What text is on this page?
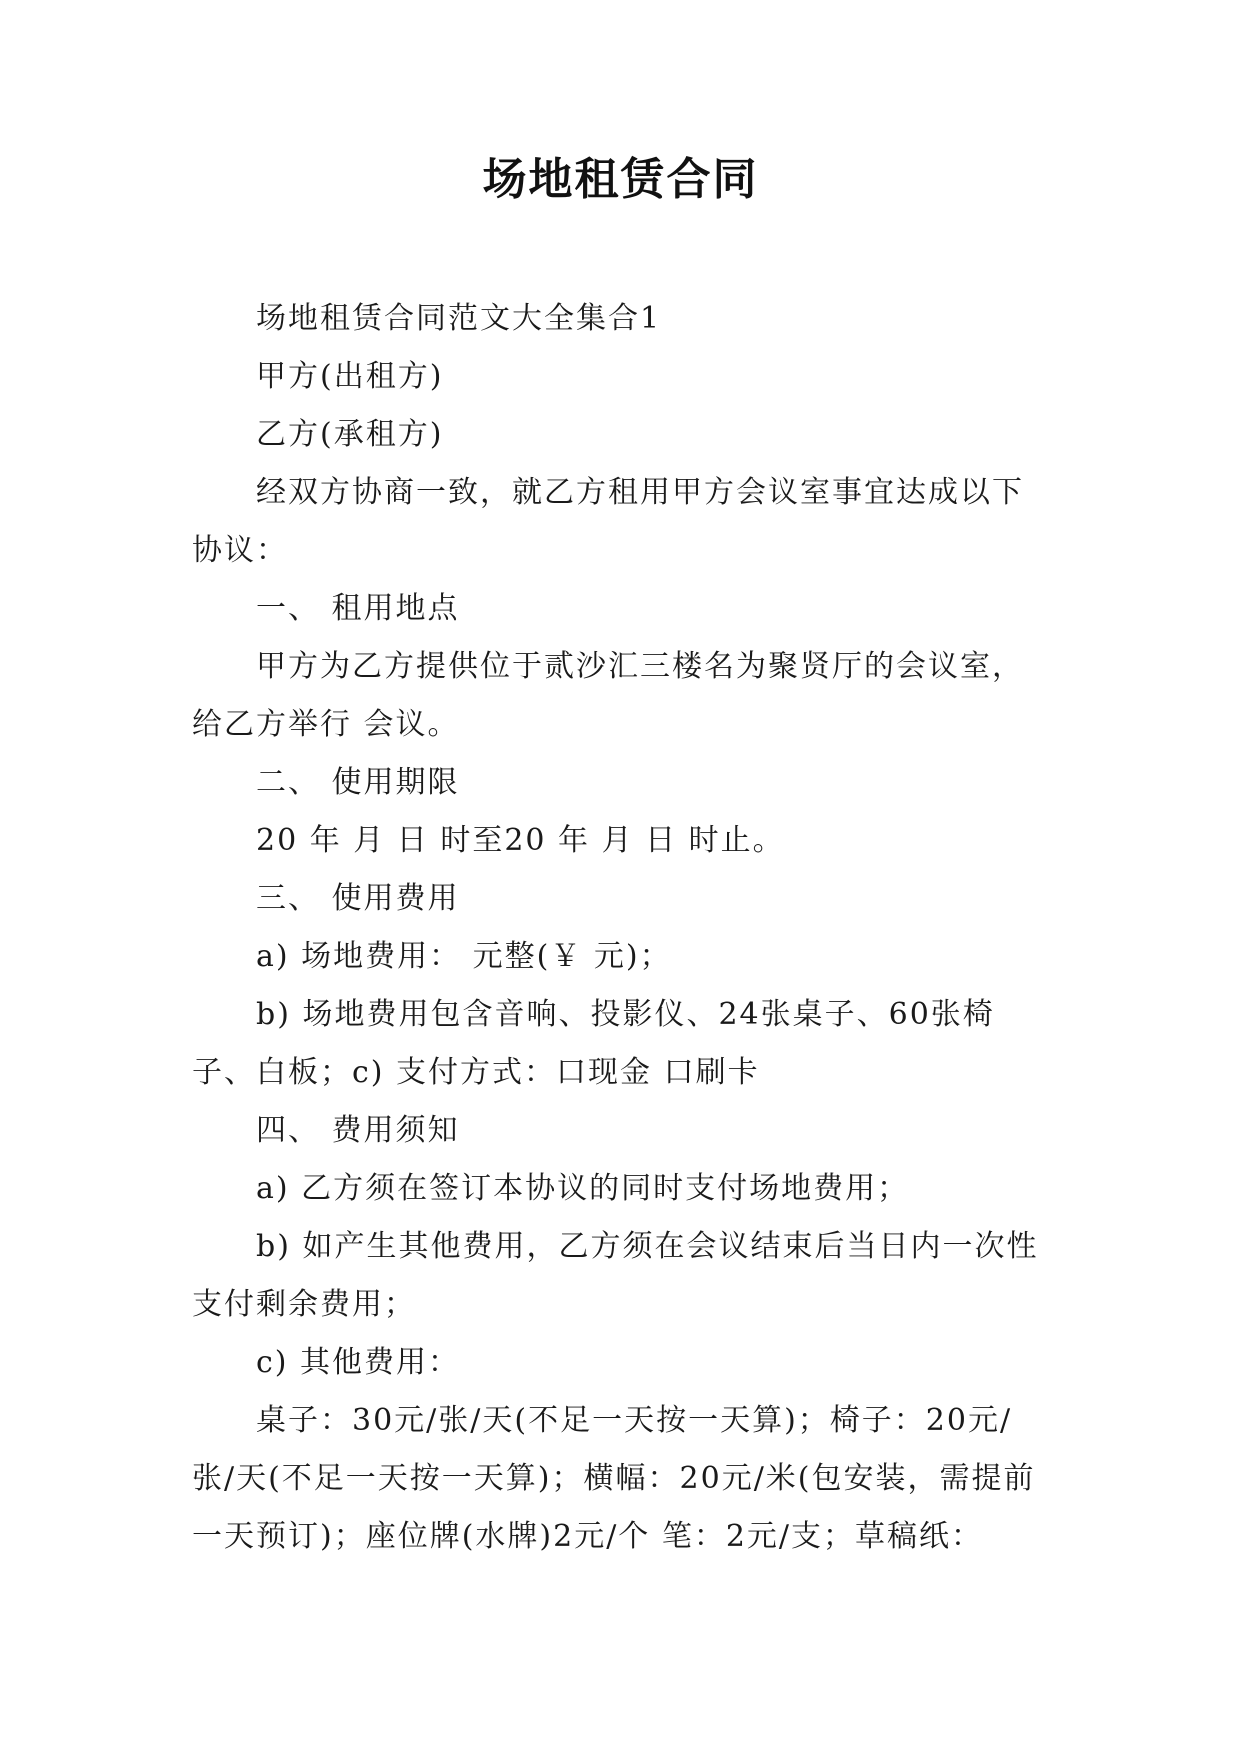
场地租赁合同

场地租赁合同范文大全集合1

甲方(出租方)

乙方(承租方)

经双方协商一致，就乙方租用甲方会议室事宜达成以下协议：

一、 租用地点

甲方为乙方提供位于贰沙汇三楼名为聚贤厅的会议室，给乙方举行 会议。

二、 使用期限

20 年 月 日 时至20 年 月 日 时止。

三、 使用费用

a) 场地费用： 元整(￥ 元)；

b) 场地费用包含音响、投影仪、24张桌子、60张椅子、白板；c) 支付方式：口现金 口刷卡

四、 费用须知

a) 乙方须在签订本协议的同时支付场地费用；

b) 如产生其他费用，乙方须在会议结束后当日内一次性支付剩余费用；

c) 其他费用：

桌子：30元/张/天(不足一天按一天算)；椅子：20元/张/天(不足一天按一天算)；横幅：20元/米(包安装，需提前一天预订)；座位牌(水牌)2元/个 笔：2元/支；草稿纸：
